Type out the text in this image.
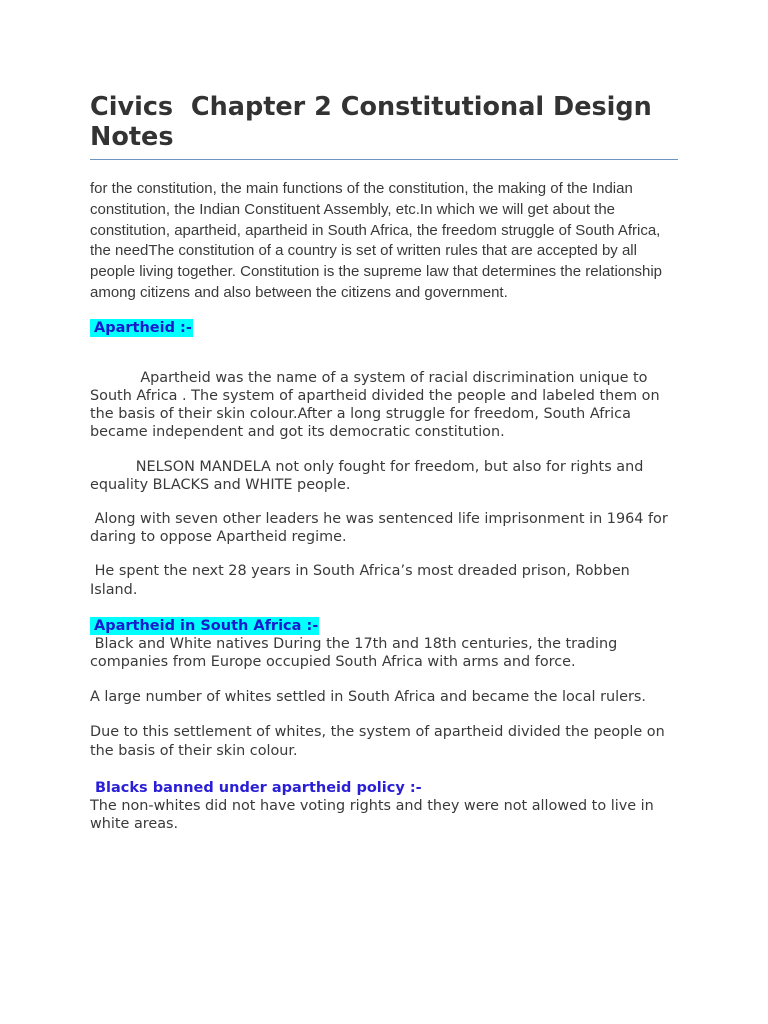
Civics  Chapter 2 Constitutional Design Notes

for the constitution, the main functions of the constitution, the making of the Indian constitution, the Indian Constituent Assembly, etc.In which we will get about the constitution, apartheid, apartheid in South Africa, the freedom struggle of South Africa, the needThe constitution of a country is set of written rules that are accepted by all people living together. Constitution is the supreme law that determines the relationship among citizens and also between the citizens and government.

Apartheid :-

Apartheid was the name of a system of racial discrimination unique to South Africa . The system of apartheid divided the people and labeled them on the basis of their skin colour.After a long struggle for freedom, South Africa became independent and got its democratic constitution.

NELSON MANDELA not only fought for freedom, but also for rights and equality BLACKS and WHITE people.

Along with seven other leaders he was sentenced life imprisonment in 1964 for daring to oppose Apartheid regime.

He spent the next 28 years in South Africa’s most dreaded prison, Robben Island.

Apartheid in South Africa :-

Black and White natives During the 17th and 18th centuries, the trading companies from Europe occupied South Africa with arms and force.

A large number of whites settled in South Africa and became the local rulers.

Due to this settlement of whites, the system of apartheid divided the people on the basis of their skin colour.

Blacks banned under apartheid policy :-

The non-whites did not have voting rights and they were not allowed to live in white areas.
